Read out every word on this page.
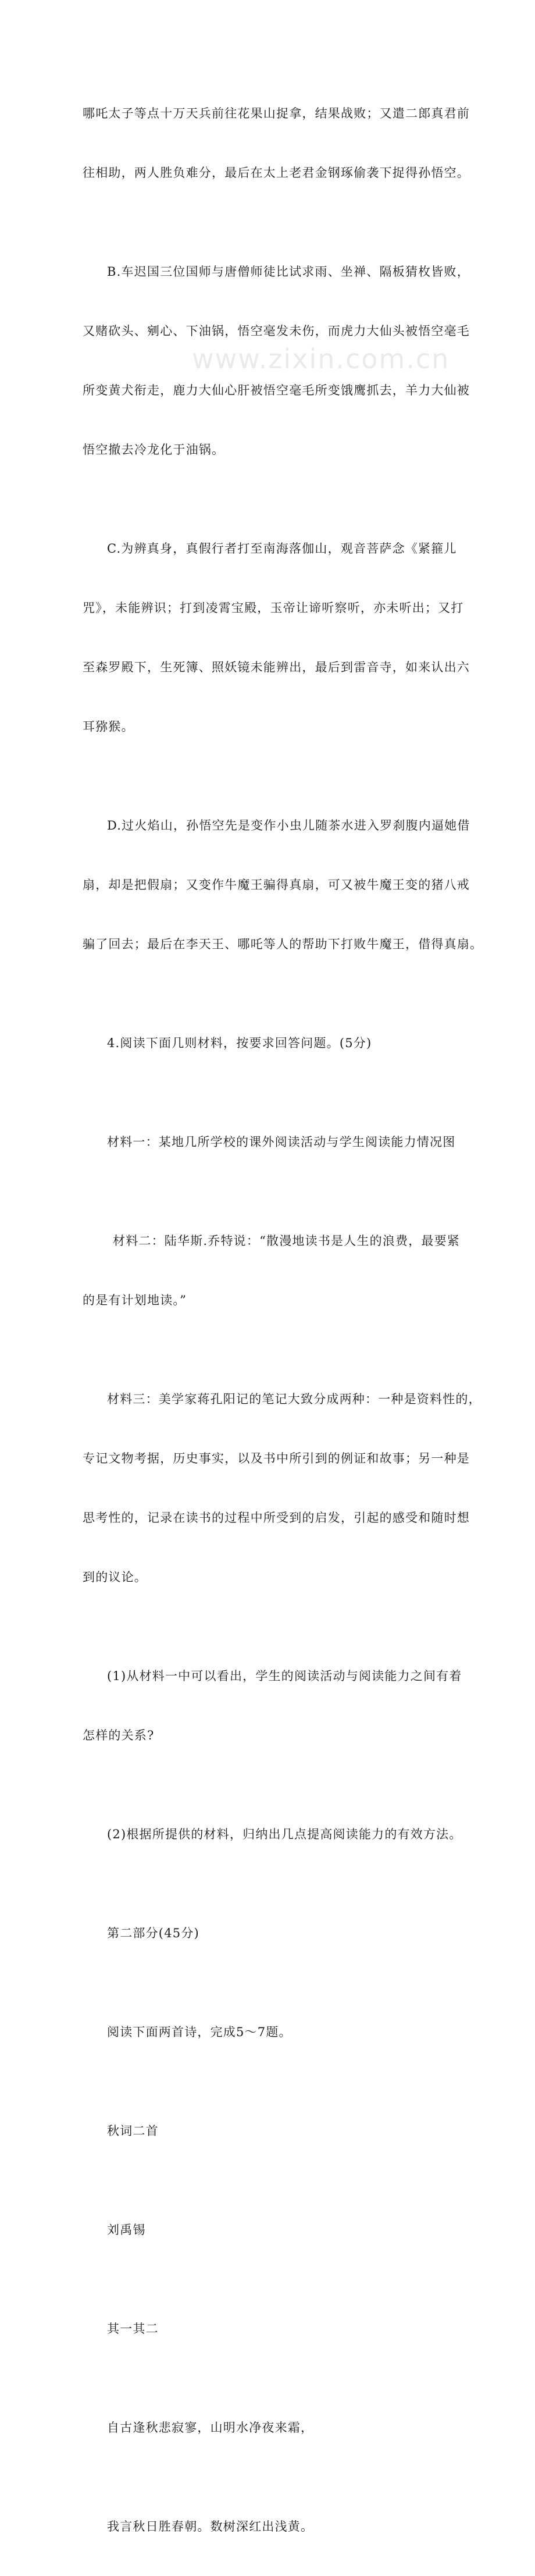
哪吒太子等点十万天兵前往花果山捉拿，结果战败；又遣二郎真君前

往相助，两人胜负难分，最后在太上老君金钢琢偷袭下捉得孙悟空。

B.车迟国三位国师与唐僧师徒比试求雨、坐禅、隔板猜枚皆败，

又赌砍头、剜心、下油锅，悟空毫发未伤，而虎力大仙头被悟空毫毛

所变黄犬衔走，鹿力大仙心肝被悟空毫毛所变饿鹰抓去，羊力大仙被

悟空撤去冷龙化于油锅。

C.为辨真身，真假行者打至南海落伽山，观音菩萨念《紧箍儿

咒》，未能辨识；打到凌霄宝殿，玉帝让谛听察听，亦未听出；又打

至森罗殿下，生死簿、照妖镜未能辨出，最后到雷音寺，如来认出六

耳猕猴。

D.过火焰山，孙悟空先是变作小虫儿随茶水进入罗刹腹内逼她借

扇，却是把假扇；又变作牛魔王骗得真扇，可又被牛魔王变的猪八戒

骗了回去；最后在李天王、哪吒等人的帮助下打败牛魔王，借得真扇。

4.阅读下面几则材料，按要求回答问题。(5分)

材料一：某地几所学校的课外阅读活动与学生阅读能力情况图

材料二：陆华斯.乔特说：“散漫地读书是人生的浪费，最要紧

的是有计划地读。”

材料三：美学家蒋孔阳记的笔记大致分成两种：一种是资料性的，

专记文物考据，历史事实，以及书中所引到的例证和故事；另一种是

思考性的，记录在读书的过程中所受到的启发，引起的感受和随时想

到的议论。

(1)从材料一中可以看出，学生的阅读活动与阅读能力之间有着

怎样的关系?

(2)根据所提供的材料，归纳出几点提高阅读能力的有效方法。

第二部分(45分)

阅读下面两首诗，完成5～7题。

秋词二首

刘禹锡

其一其二

自古逢秋悲寂寥，山明水净夜来霜，

我言秋日胜春朝。数树深红出浅黄。

www.zixin.com.cn
